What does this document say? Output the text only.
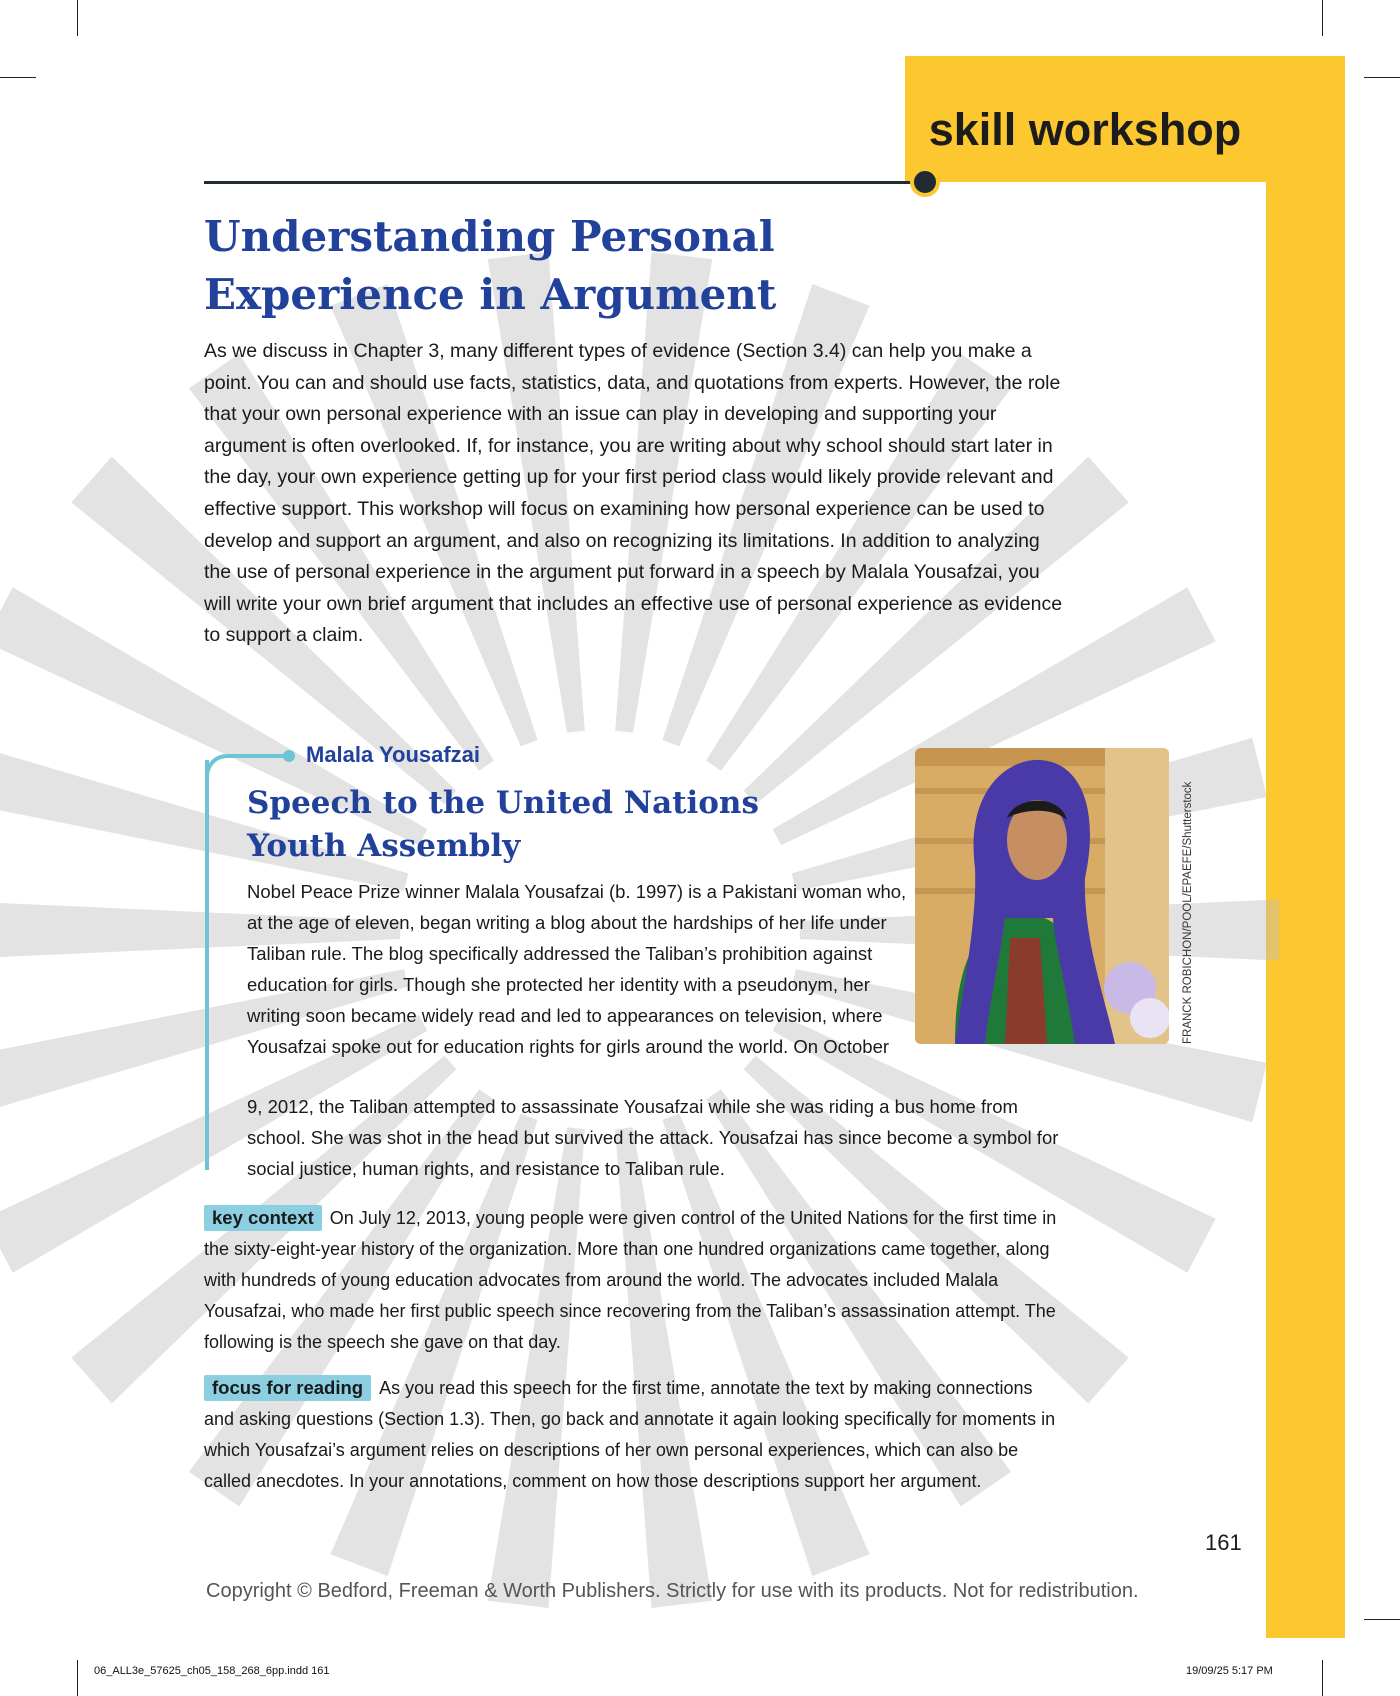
skill workshop
Understanding Personal
Experience in Argument
As we discuss in Chapter 3, many different types of evidence (Section 3.4) can help you make a point. You can and should use facts, statistics, data, and quotations from experts. However, the role that your own personal experience with an issue can play in developing and supporting your argument is often overlooked. If, for instance, you are writing about why school should start later in the day, your own experience getting up for your first period class would likely provide relevant and effective support. This workshop will focus on examining how personal experience can be used to develop and support an argument, and also on recognizing its limitations. In addition to analyzing the use of personal experience in the argument put forward in a speech by Malala Yousafzai, you will write your own brief argument that includes an effective use of personal experience as evidence to support a claim.
Malala Yousafzai
Speech to the United Nations
Youth Assembly
Nobel Peace Prize winner Malala Yousafzai (b. 1997) is a Pakistani woman who, at the age of eleven, began writing a blog about the hardships of her life under Taliban rule. The blog specifically addressed the Taliban’s prohibition against education for girls. Though she protected her identity with a pseudonym, her writing soon became widely read and led to appearances on television, where Yousafzai spoke out for education rights for girls around the world. On October
9, 2012, the Taliban attempted to assassinate Yousafzai while she was riding a bus home from school. She was shot in the head but survived the attack. Yousafzai has since become a symbol for social justice, human rights, and resistance to Taliban rule.
FRANCK ROBICHON/POOL/EPAEFE/Shutterstock
key context On July 12, 2013, young people were given control of the United Nations for the first time in the sixty-eight-year history of the organization. More than one hundred organizations came together, along with hundreds of young education advocates from around the world. The advocates included Malala Yousafzai, who made her first public speech since recovering from the Taliban’s assassination attempt. The following is the speech she gave on that day.
focus for reading As you read this speech for the first time, annotate the text by making connections and asking questions (Section 1.3). Then, go back and annotate it again looking specifically for moments in which Yousafzai’s argument relies on descriptions of her own personal experiences, which can also be called anecdotes. In your annotations, comment on how those descriptions support her argument.
161
Copyright © Bedford, Freeman & Worth Publishers. Strictly for use with its products. Not for redistribution.
06_ALL3e_57625_ch05_158_268_6pp.indd 161	19/09/25 5:17 PM
